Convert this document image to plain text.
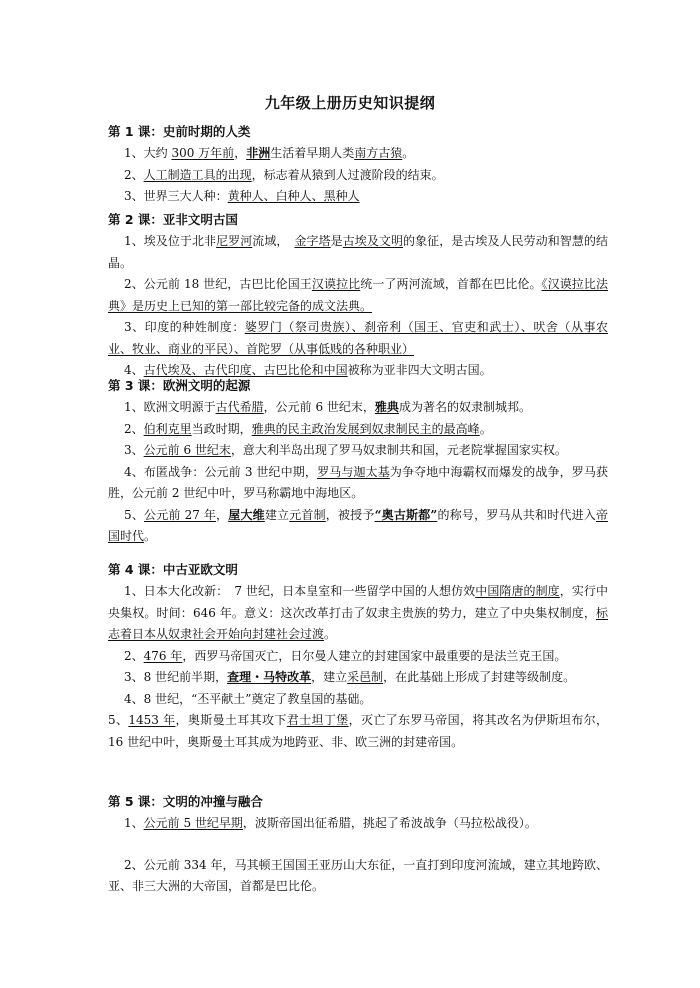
九年级上册历史知识提纲
第 1 课：史前时期的人类
1、大约 300 万年前，非洲生活着早期人类南方古猿。
2、人工制造工具的出现，标志着从猿到人过渡阶段的结束。
3、世界三大人种：黄种人、白种人、黑种人
第 2 课：亚非文明古国
1、埃及位于北非尼罗河流域，　金字塔是古埃及文明的象征，是古埃及人民劳动和智慧的结晶。
2、公元前 18 世纪，古巴比伦国王汉谟拉比统一了两河流域，首都在巴比伦。《汉谟拉比法典》是历史上已知的第一部比较完备的成文法典。
3、印度的种姓制度：婆罗门（祭司贵族）、刹帝利（国王、官吏和武士）、吠舍（从事农业、牧业、商业的平民）、首陀罗（从事低贱的各种职业）
4、古代埃及、古代印度、古巴比伦和中国被称为亚非四大文明古国。
第 3 课：欧洲文明的起源
1、欧洲文明源于古代希腊，公元前 6 世纪末，雅典成为著名的奴隶制城邦。
2、伯利克里当政时期，雅典的民主政治发展到奴隶制民主的最高峰。
3、公元前 6 世纪末，意大利半岛出现了罗马奴隶制共和国，元老院掌握国家实权。
4、布匿战争：公元前 3 世纪中期，罗马与迦太基为争夺地中海霸权而爆发的战争，罗马获胜，公元前 2 世纪中叶，罗马称霸地中海地区。
5、公元前 27 年，屋大维建立元首制，被授予“奥古斯都”的称号，罗马从共和时代进入帝国时代。
第 4 课：中古亚欧文明
1、日本大化改新：　7 世纪，日本皇室和一些留学中国的人想仿效中国隋唐的制度，实行中央集权。时间：646 年。意义：这次改革打击了奴隶主贵族的势力，建立了中央集权制度，标志着日本从奴隶社会开始向封建社会过渡。
2、476 年，西罗马帝国灭亡，日尔曼人建立的封建国家中最重要的是法兰克王国。
3、8 世纪前半期，查理・马特改革，建立采邑制，在此基础上形成了封建等级制度。
4、8 世纪，“丕平献土”奠定了教皇国的基础。
5、1453 年，奥斯曼土耳其攻下君士坦丁堡，灭亡了东罗马帝国，将其改名为伊斯坦布尔，16 世纪中叶，奥斯曼土耳其成为地跨亚、非、欧三洲的封建帝国。
第 5 课：文明的冲撞与融合
1、公元前 5 世纪早期，波斯帝国出征希腊，挑起了希波战争（马拉松战役）。
2、公元前 334 年，马其顿王国国王亚历山大东征，一直打到印度河流域，建立其地跨欧、亚、非三大洲的大帝国，首都是巴比伦。
